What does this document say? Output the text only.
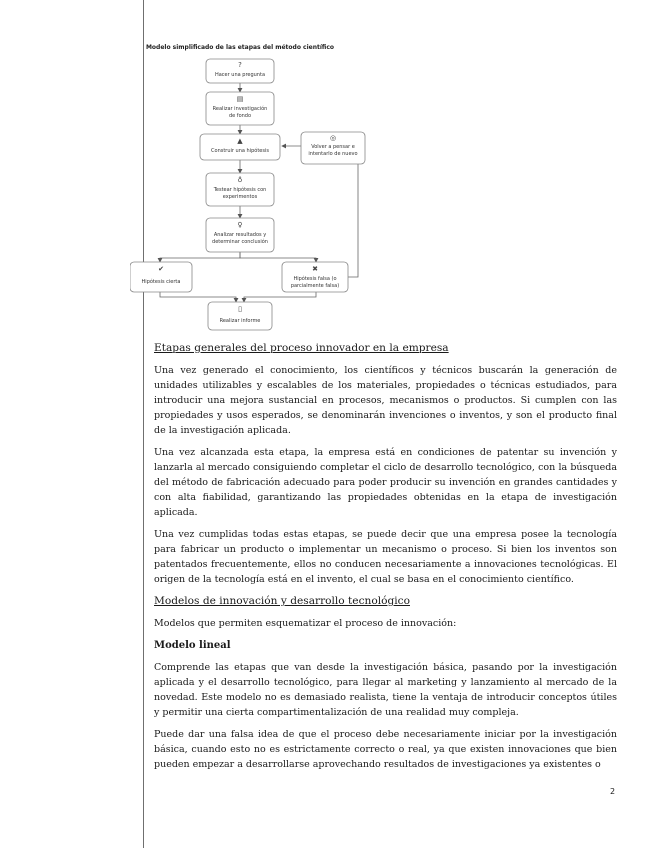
Modelo simplificado de las etapas del método científico
?
▤
▲	◎
♁
♀
✔	✖
▯
Hacer una pregunta
Realizar investigación
de fondo
Construir una hipótesis
Volver a pensar e
intentarlo de nuevo
Testear hipótesis con
experimentos
Analizar resultados y
determinar conclusión
Hipótesis cierta	Hipótesis falsa (o
parcialmente falsa)
Realizar informe
Etapas generales del proceso innovador en la empresa

Una vez generado el conocimiento, los científicos y técnicos buscarán la generación de unidades utilizables y escalables de los materiales, propiedades o técnicas estudiados, para introducir una mejora sustancial en procesos, mecanismos o productos. Si cumplen con las propiedades y usos esperados, se denominarán invenciones o inventos, y son el producto final de la investigación aplicada.

Una vez alcanzada esta etapa, la empresa está en condiciones de patentar su invención y lanzarla al mercado consiguiendo completar el ciclo de desarrollo tecnológico, con la búsqueda del método de fabricación adecuado para poder producir su invención en grandes cantidades y con alta fiabilidad, garantizando las propiedades obtenidas en la etapa de investigación aplicada.

Una vez cumplidas todas estas etapas, se puede decir que una empresa posee la tecnología para fabricar un producto o implementar un mecanismo o proceso. Si bien los inventos son patentados frecuentemente, ellos no conducen necesariamente a innovaciones tecnológicas. El origen de la tecnología está en el invento, el cual se basa en el conocimiento científico.

Modelos de innovación y desarrollo tecnológico

Modelos que permiten esquematizar el proceso de innovación:

Modelo lineal

Comprende las etapas que van desde la investigación básica, pasando por la investigación aplicada y el desarrollo tecnológico, para llegar al marketing y lanzamiento al mercado de la novedad. Este modelo no es demasiado realista, tiene la ventaja de introducir conceptos útiles y permitir una cierta compartimentalización de una realidad muy compleja.

Puede dar una falsa idea de que el proceso debe necesariamente iniciar por la investigación básica, cuando esto no es estrictamente correcto o real, ya que existen innovaciones que bien pueden empezar a desarrollarse aprovechando resultados de investigaciones ya existentes o

2
